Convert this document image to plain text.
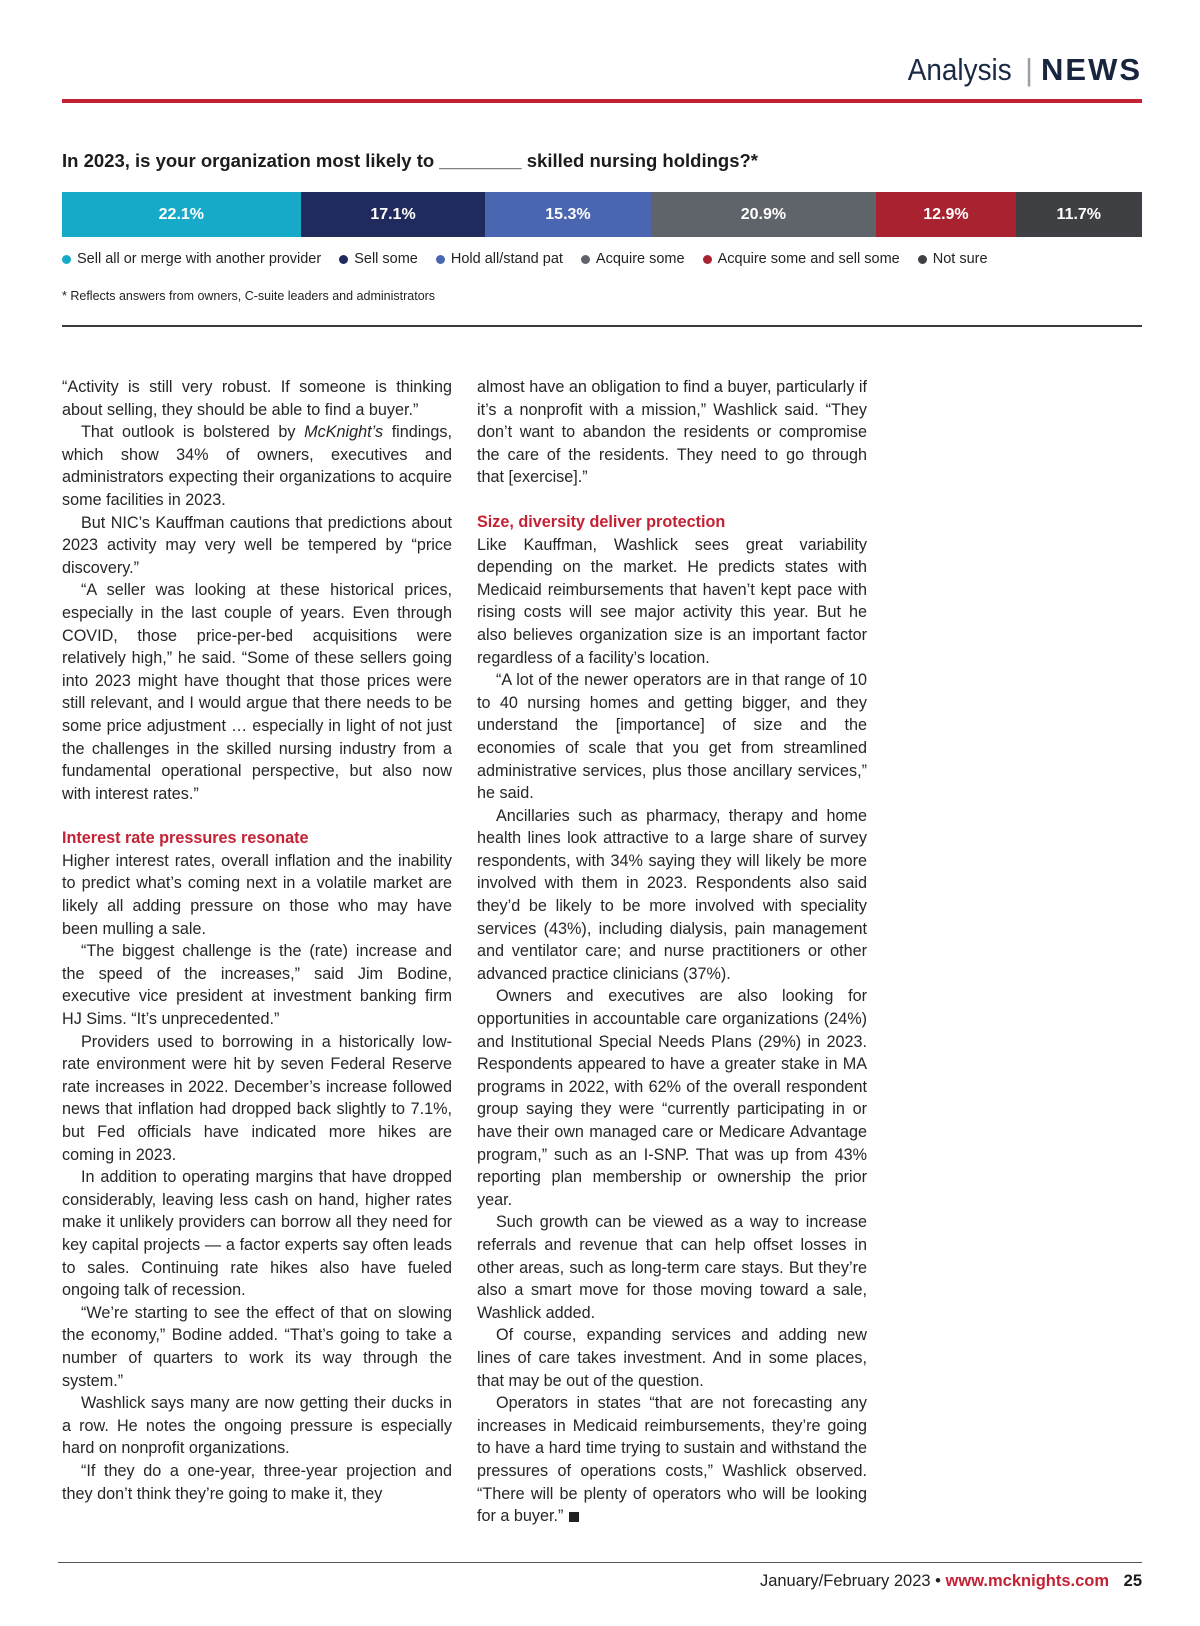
Analysis | NEWS

In 2023, is your organization most likely to ________ skilled nursing holdings?*

22.1%	17.1%	15.3%	20.9%	12.9%	11.7%
Sell all or merge with another provider Sell some Hold all/stand pat Acquire some Acquire some and sell some Not sure
* Reflects answers from owners, C-suite leaders and administrators

“Activity is still very robust. If someone is thinking about selling, they should be able to find a buyer.”

That outlook is bolstered by McKnight’s findings, which show 34% of owners, executives and administrators expecting their organizations to acquire some facilities in 2023.

But NIC’s Kauffman cautions that predictions about 2023 activity may very well be tempered by “price discovery.”

“A seller was looking at these historical prices, especially in the last couple of years. Even through COVID, those price-per-bed acquisitions were relatively high,” he said. “Some of these sellers going into 2023 might have thought that those prices were still relevant, and I would argue that there needs to be some price adjustment … especially in light of not just the challenges in the skilled nursing industry from a fundamental operational perspective, but also now with interest rates.”

Interest rate pressures resonate

Higher interest rates, overall inflation and the inability to predict what’s coming next in a volatile market are likely all adding pressure on those who may have been mulling a sale.

“The biggest challenge is the (rate) increase and the speed of the increases,” said Jim Bodine, executive vice president at investment banking firm HJ Sims. “It’s unprecedented.”

Providers used to borrowing in a historically low-rate environment were hit by seven Federal Reserve rate increases in 2022. December’s increase followed news that inflation had dropped back slightly to 7.1%, but Fed officials have indicated more hikes are coming in 2023.

In addition to operating margins that have dropped considerably, leaving less cash on hand, higher rates make it unlikely providers can borrow all they need for key capital projects — a factor experts say often leads to sales. Continuing rate hikes also have fueled ongoing talk of recession.

“We’re starting to see the effect of that on slowing the economy,” Bodine added. “That’s going to take a number of quarters to work its way through the system.”

Washlick says many are now getting their ducks in a row. He notes the ongoing pressure is especially hard on nonprofit organizations.

“If they do a one-year, three-year projection and they don’t think they’re going to make it, they

almost have an obligation to find a buyer, particularly if it’s a nonprofit with a mission,” Washlick said. “They don’t want to abandon the residents or compromise the care of the residents. They need to go through that [exercise].”

Size, diversity deliver protection

Like Kauffman, Washlick sees great variability depending on the market. He predicts states with Medicaid reimbursements that haven’t kept pace with rising costs will see major activity this year. But he also believes organization size is an important factor regardless of a facility’s location.

“A lot of the newer operators are in that range of 10 to 40 nursing homes and getting bigger, and they understand the [importance] of size and the economies of scale that you get from streamlined administrative services, plus those ancillary services,” he said.

Ancillaries such as pharmacy, therapy and home health lines look attractive to a large share of survey respondents, with 34% saying they will likely be more involved with them in 2023. Respondents also said they’d be likely to be more involved with speciality services (43%), including dialysis, pain management and ventilator care; and nurse practitioners or other advanced practice clinicians (37%).

Owners and executives are also looking for opportunities in accountable care organizations (24%) and Institutional Special Needs Plans (29%) in 2023. Respondents appeared to have a greater stake in MA programs in 2022, with 62% of the overall respondent group saying they were “currently participating in or have their own managed care or Medicare Advantage program,” such as an I-SNP. That was up from 43% reporting plan membership or ownership the prior year.

Such growth can be viewed as a way to increase referrals and revenue that can help offset losses in other areas, such as long-term care stays. But they’re also a smart move for those moving toward a sale, Washlick added.

Of course, expanding services and adding new lines of care takes investment. And in some places, that may be out of the question.

Operators in states “that are not forecasting any increases in Medicaid reimbursements, they’re going to have a hard time trying to sustain and withstand the pressures of operations costs,” Washlick observed. “There will be plenty of operators who will be looking for a buyer.”

January/February 2023 • www.mcknights.com 25
